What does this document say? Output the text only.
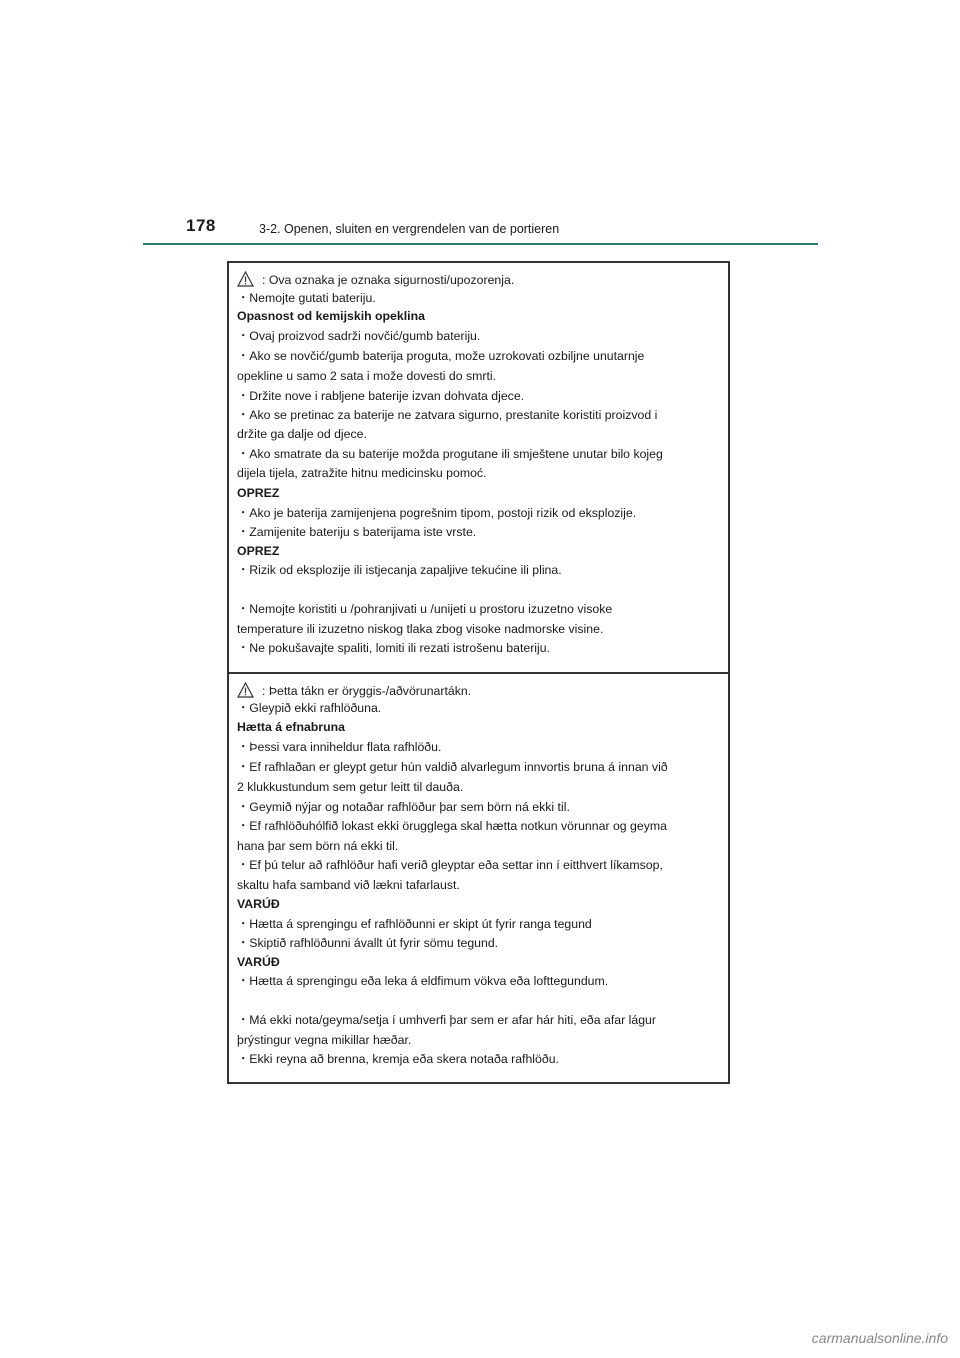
178	3-2. Openen, sluiten en vergrendelen van de portieren
: Ova oznaka je oznaka sigurnosti/upozorenja.
・Nemojte gutati bateriju.
Opasnost od kemijskih opeklina
・Ovaj proizvod sadrži novčić/gumb bateriju.
・Ako se novčić/gumb baterija proguta, može uzrokovati ozbiljne unutarnje
opekline u samo 2 sata i može dovesti do smrti.
・Držite nove i rabljene baterije izvan dohvata djece.
・Ako se pretinac za baterije ne zatvara sigurno, prestanite koristiti proizvod i
držite ga dalje od djece.
・Ako smatrate da su baterije možda progutane ili smještene unutar bilo kojeg
dijela tijela, zatražite hitnu medicinsku pomoć.
OPREZ
・Ako je baterija zamijenjena pogrešnim tipom, postoji rizik od eksplozije.
・Zamijenite bateriju s baterijama iste vrste.
OPREZ
・Rizik od eksplozije ili istjecanja zapaljive tekućine ili plina.
・Nemojte koristiti u /pohranjivati u /unijeti u prostoru izuzetno visoke
temperature ili izuzetno niskog tlaka zbog visoke nadmorske visine.
・Ne pokušavajte spaliti, lomiti ili rezati istrošenu bateriju.
: Þetta tákn er öryggis-/aðvörunartákn.
・Gleypið ekki rafhlöðuna.
Hætta á efnabruna
・Þessi vara inniheldur flata rafhlöðu.
・Ef rafhlaðan er gleypt getur hún valdið alvarlegum innvortis bruna á innan við
2 klukkustundum sem getur leitt til dauða.
・Geymið nýjar og notaðar rafhlöður þar sem börn ná ekki til.
・Ef rafhlöðuhólfið lokast ekki örugglega skal hætta notkun vörunnar og geyma
hana þar sem börn ná ekki til.
・Ef þú telur að rafhlöður hafi verið gleyptar eða settar inn í eitthvert líkamsop,
skaltu hafa samband við lækni tafarlaust.
VARÚÐ
・Hætta á sprengingu ef rafhlöðunni er skipt út fyrir ranga tegund
・Skiptið rafhlöðunni ávallt út fyrir sömu tegund.
VARÚÐ
・Hætta á sprengingu eða leka á eldfimum vökva eða lofttegundum.
・Má ekki nota/geyma/setja í umhverfi þar sem er afar hár hiti, eða afar lágur
þrýstingur vegna mikillar hæðar.
・Ekki reyna að brenna, kremja eða skera notaða rafhlöðu.
carmanualsonline.info
